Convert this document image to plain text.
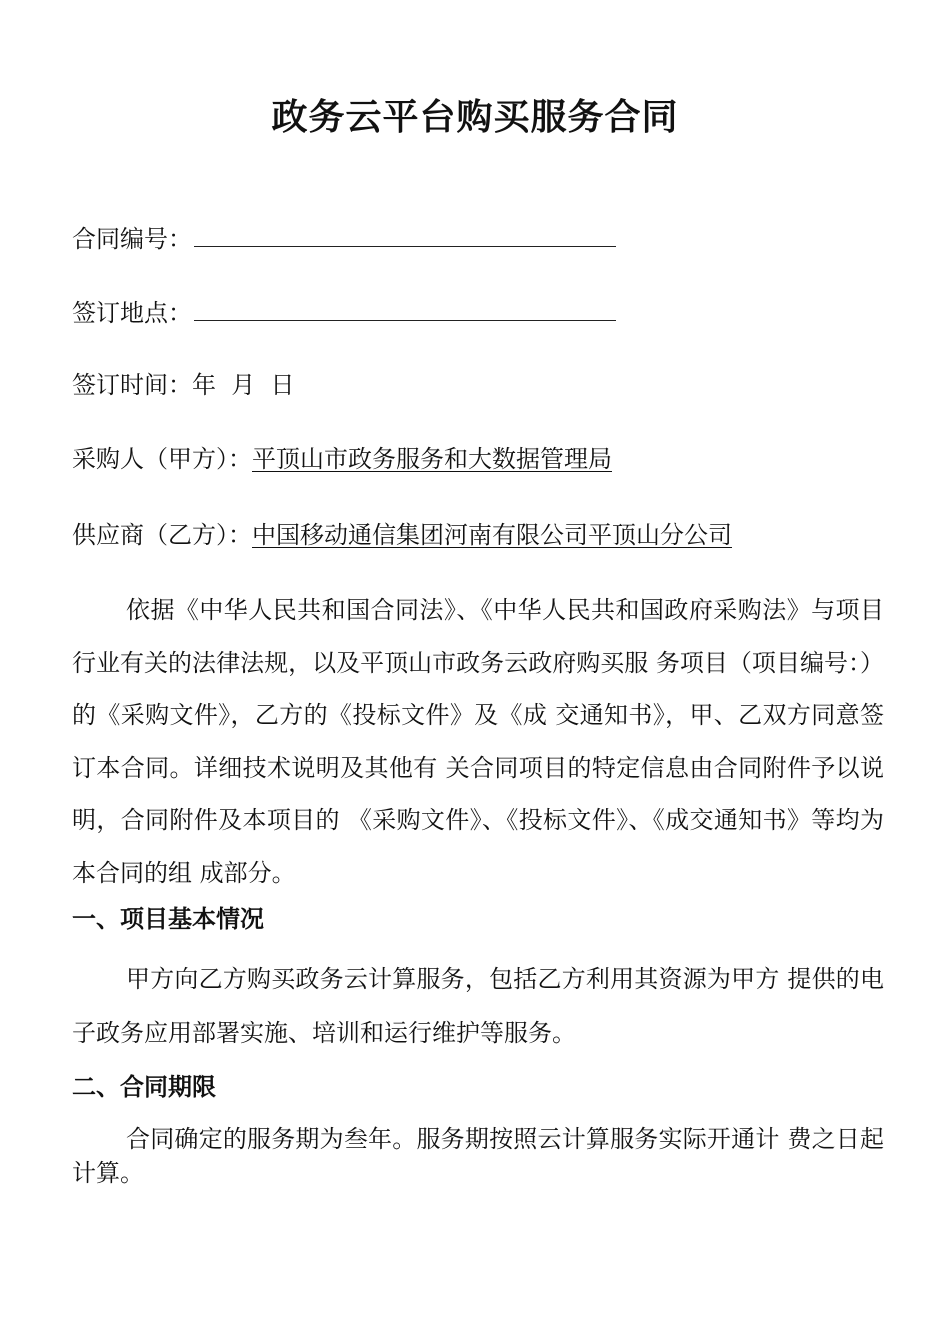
政务云平台购买服务合同
合同编号：
签订地点：
签订时间：年  月  日
采购人（甲方）：平顶山市政务服务和大数据管理局
供应商（乙方）：中国移动通信集团河南有限公司平顶山分公司

依据《中华人民共和国合同法》、《中华人民共和国政府采购法》与项目行业有关的法律法规，以及平顶山市政务云政府购买服 务项目（项目编号：）的《采购文件》，乙方的《投标文件》及《成 交通知书》，甲、乙双方同意签订本合同。详细技术说明及其他有 关合同项目的特定信息由合同附件予以说明，合同附件及本项目的 《采购文件》、《投标文件》、《成交通知书》等均为本合同的组 成部分。

一、项目基本情况

甲方向乙方购买政务云计算服务，包括乙方利用其资源为甲方 提供的电子政务应用部署实施、培训和运行维护等服务。

二、合同期限

合同确定的服务期为叁年。服务期按照云计算服务实际开通计 费之日起计算。
